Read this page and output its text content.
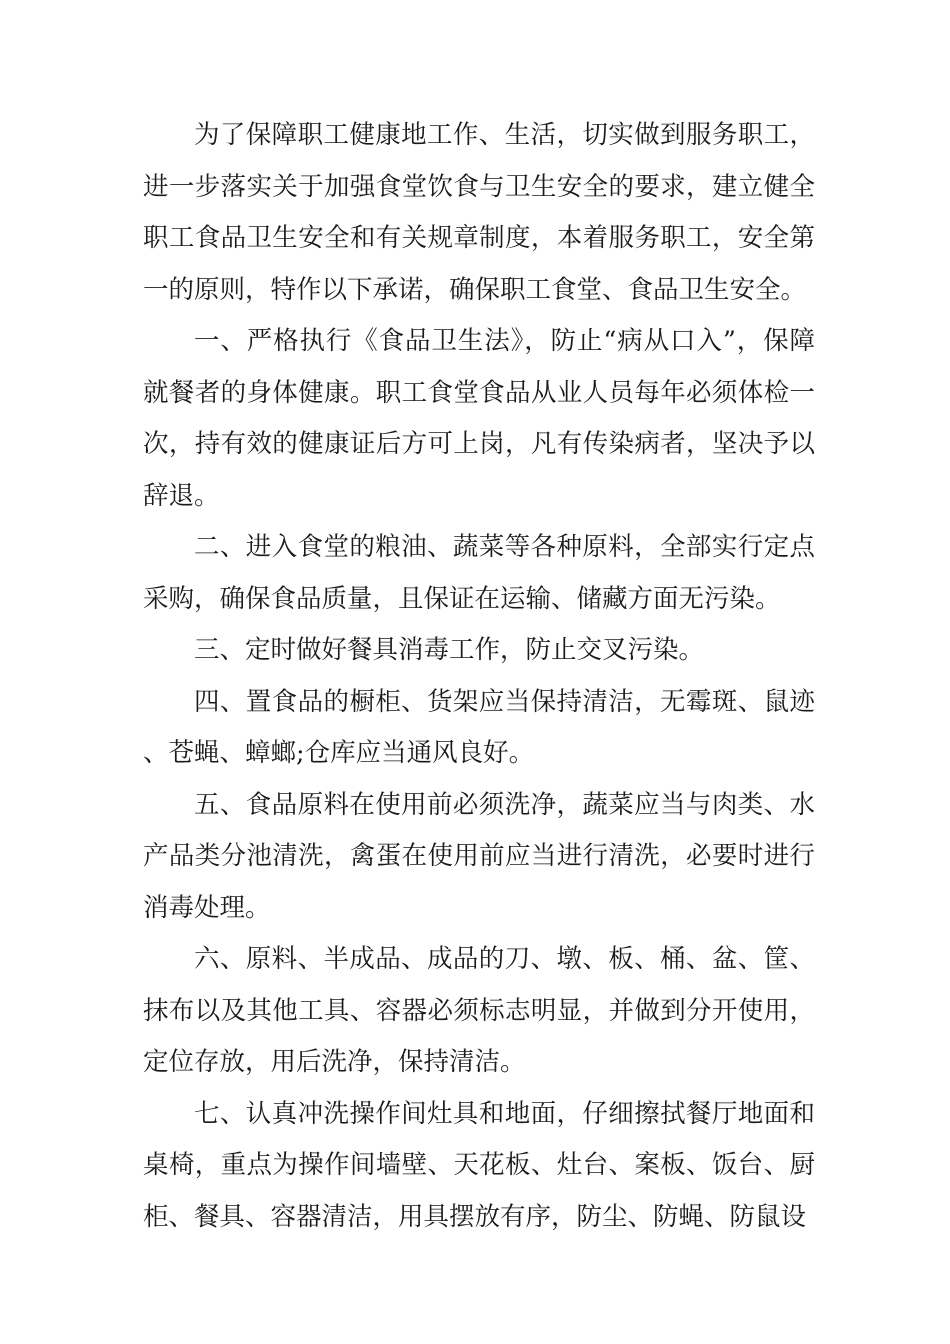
为了保障职工健康地工作、生活，切实做到服务职工，进一步落实关于加强食堂饮食与卫生安全的要求，建立健全职工食品卫生安全和有关规章制度，本着服务职工，安全第一的原则，特作以下承诺，确保职工食堂、食品卫生安全。

一、严格执行《食品卫生法》，防止“病从口入”，保障就餐者的身体健康。职工食堂食品从业人员每年必须体检一次，持有效的健康证后方可上岗，凡有传染病者，坚决予以辞退。

二、进入食堂的粮油、蔬菜等各种原料，全部实行定点采购，确保食品质量，且保证在运输、储藏方面无污染。

三、定时做好餐具消毒工作，防止交叉污染。

四、置食品的橱柜、货架应当保持清洁，无霉斑、鼠迹、苍蝇、蟑螂;仓库应当通风良好。

五、食品原料在使用前必须洗净，蔬菜应当与肉类、水产品类分池清洗，禽蛋在使用前应当进行清洗，必要时进行消毒处理。

六、原料、半成品、成品的刀、墩、板、桶、盆、筐、抹布以及其他工具、容器必须标志明显，并做到分开使用，定位存放，用后洗净，保持清洁。

七、认真冲洗操作间灶具和地面，仔细擦拭餐厅地面和桌椅，重点为操作间墙壁、天花板、灶台、案板、饭台、厨柜、餐具、容器清洁，用具摆放有序，防尘、防蝇、防鼠设
